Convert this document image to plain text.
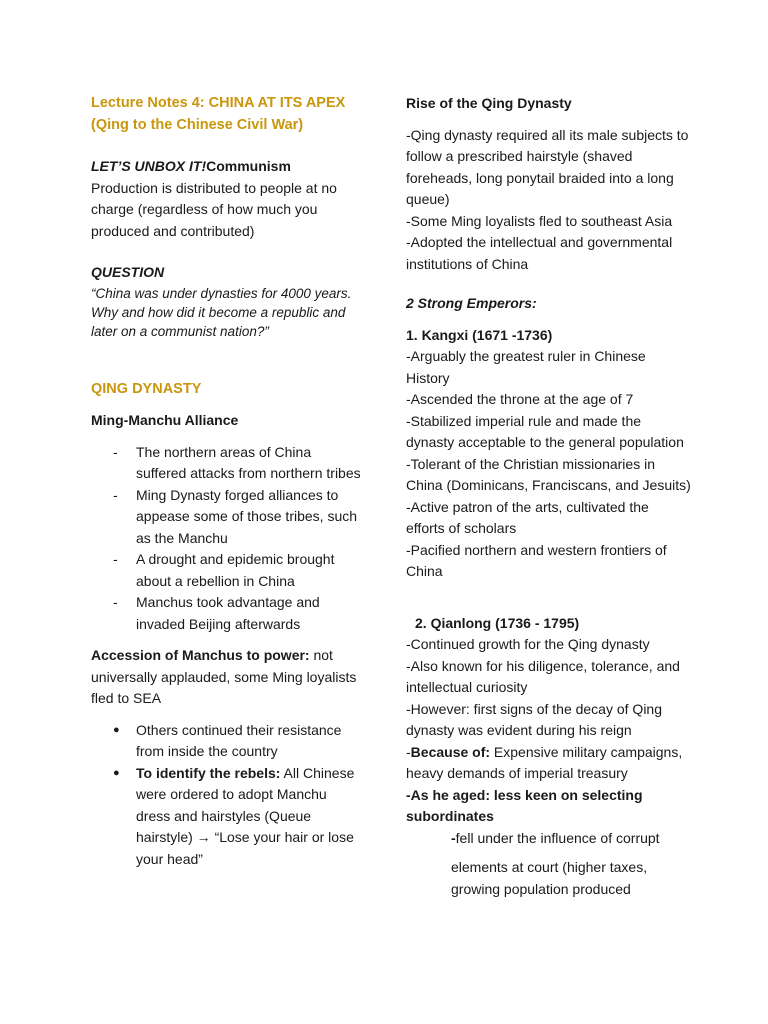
Lecture Notes 4: CHINA AT ITS APEX (Qing to the Chinese Civil War)

LET’S UNBOX IT!Communism
Production is distributed to people at no charge (regardless of how much you produced and contributed)

QUESTION

“China was under dynasties for 4000 years. Why and how did it become a republic and later on a communist nation?”

QING DYNASTY

Ming-Manchu Alliance

- The northern areas of China suffered attacks from northern tribes
- Ming Dynasty forged alliances to appease some of those tribes, such as the Manchu
- A drought and epidemic brought about a rebellion in China
- Manchus took advantage and invaded Beijing afterwards

Accession of Manchus to power: not universally applauded, some Ming loyalists fled to SEA

● Others continued their resistance from inside the country
● To identify the rebels: All Chinese were ordered to adopt Manchu dress and hairstyles (Queue hairstyle) → “Lose your hair or lose your head”

Rise of the Qing Dynasty

-Qing dynasty required all its male subjects to follow a prescribed hairstyle (shaved foreheads, long ponytail braided into a long queue)

-Some Ming loyalists fled to southeast Asia

-Adopted the intellectual and governmental institutions of China

2 Strong Emperors:

1. Kangxi (1671 -1736)

-Arguably the greatest ruler in Chinese History

-Ascended the throne at the age of 7

-Stabilized imperial rule and made the dynasty acceptable to the general population

-Tolerant of the Christian missionaries in China (Dominicans, Franciscans, and Jesuits)

-Active patron of the arts, cultivated the efforts of scholars

-Pacified northern and western frontiers of China

2. Qianlong (1736 - 1795)

-Continued growth for the Qing dynasty

-Also known for his diligence, tolerance, and intellectual curiosity

-However: first signs of the decay of Qing dynasty was evident during his reign

-Because of: Expensive military campaigns, heavy demands of imperial treasury

-As he aged: less keen on selecting subordinates

-fell under the influence of corrupt

elements at court (higher taxes, growing population produced
